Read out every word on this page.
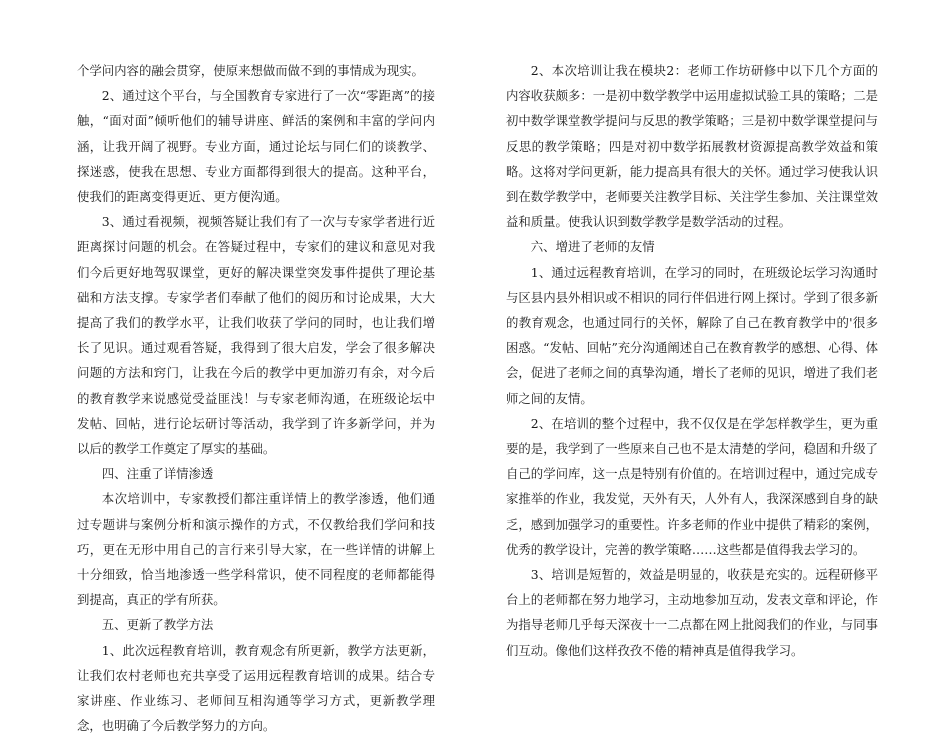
个学问内容的融会贯穿，使原来想做而做不到的事情成为现实。

2、通过这个平台，与全国教育专家进行了一次“零距离”的接触，“面对面”倾听他们的辅导讲座、鲜活的案例和丰富的学问内涵，让我开阔了视野。专业方面，通过论坛与同仁们的谈教学、探迷惑，使我在思想、专业方面都得到很大的提高。这种平台，使我们的距离变得更近、更方便沟通。

3、通过看视频，视频答疑让我们有了一次与专家学者进行近距离探讨问题的机会。在答疑过程中，专家们的建议和意见对我们今后更好地驾驭课堂，更好的解决课堂突发事件提供了理论基础和方法支撑。专家学者们奉献了他们的阅历和讨论成果，大大提高了我们的教学水平，让我们收获了学问的同时，也让我们增长了见识。通过观看答疑，我得到了很大启发，学会了很多解决问题的方法和窍门，让我在今后的教学中更加游刃有余，对今后的教育教学来说感觉受益匪浅！与专家老师沟通，在班级论坛中发帖、回帖，进行论坛研讨等活动，我学到了许多新学问，并为以后的教学工作奠定了厚实的基础。

四、注重了详情渗透

本次培训中，专家教授们都注重详情上的教学渗透，他们通过专题讲与案例分析和演示操作的方式，不仅教给我们学问和技巧，更在无形中用自己的言行来引导大家，在一些详情的讲解上十分细致，恰当地渗透一些学科常识，使不同程度的老师都能得到提高，真正的学有所获。

五、更新了教学方法

1、此次远程教育培训，教育观念有所更新，教学方法更新，让我们农村老师也充共享受了运用远程教育培训的成果。结合专家讲座、作业练习、老师间互相沟通等学习方式，更新教学理念，也明确了今后教学努力的方向。

2、本次培训让我在模块2：老师工作坊研修中以下几个方面的内容收获颇多：一是初中数学教学中运用虚拟试验工具的策略；二是初中数学课堂教学提问与反思的教学策略；三是初中数学课堂提问与反思的教学策略；四是对初中数学拓展教材资源提高教学效益和策略。这将对学问更新，能力提高具有很大的关怀。通过学习使我认识到在数学教学中，老师要关注教学目标、关注学生参加、关注课堂效益和质量。使我认识到数学教学是数学活动的过程。

六、增进了老师的友情

1、通过远程教育培训，在学习的同时，在班级论坛学习沟通时与区县内县外相识或不相识的同行伴侣进行网上探讨。学到了很多新的教育观念，也通过同行的关怀，解除了自己在教育教学中的'很多困惑。“发帖、回帖”充分沟通阐述自己在教育教学的感想、心得、体会，促进了老师之间的真挚沟通，增长了老师的见识，增进了我们老师之间的友情。

2、在培训的整个过程中，我不仅仅是在学怎样教学生，更为重要的是，我学到了一些原来自己也不是太清楚的学问，稳固和升级了自己的学问库，这一点是特别有价值的。在培训过程中，通过完成专家推举的作业，我发觉，天外有天，人外有人，我深深感到自身的缺乏，感到加强学习的重要性。许多老师的作业中提供了精彩的案例，优秀的教学设计，完善的教学策略……这些都是值得我去学习的。

3、培训是短暂的，效益是明显的，收获是充实的。远程研修平台上的老师都在努力地学习，主动地参加互动，发表文章和评论，作为指导老师几乎每天深夜十一二点都在网上批阅我们的作业，与同事们互动。像他们这样孜孜不倦的精神真是值得我学习。
